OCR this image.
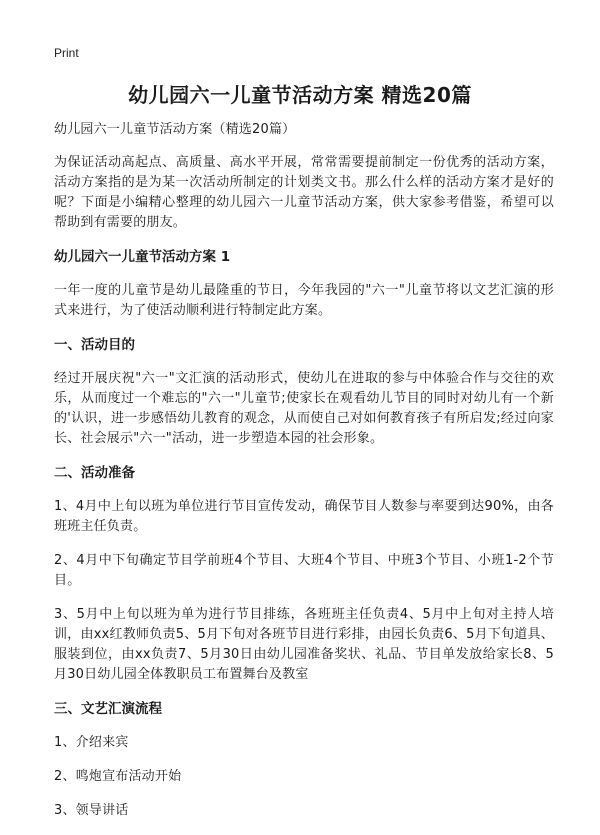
Print
幼儿园六一儿童节活动方案 精选20篇

幼儿园六一儿童节活动方案（精选20篇）

为保证活动高起点、高质量、高水平开展，常常需要提前制定一份优秀的活动方案，活动方案指的是为某一次活动所制定的计划类文书。那么什么样的活动方案才是好的呢？下面是小编精心整理的幼儿园六一儿童节活动方案，供大家参考借鉴，希望可以帮助到有需要的朋友。

幼儿园六一儿童节活动方案 1

一年一度的儿童节是幼儿最隆重的节日，今年我园的"六一"儿童节将以文艺汇演的形式来进行，为了使活动顺利进行特制定此方案。

一、活动目的

经过开展庆祝"六一"文汇演的活动形式，使幼儿在进取的参与中体验合作与交往的欢乐，从而度过一个难忘的"六一"儿童节;使家长在观看幼儿节目的同时对幼儿有一个新的'认识，进一步感悟幼儿教育的观念，从而使自己对如何教育孩子有所启发;经过向家长、社会展示"六一"活动，进一步塑造本园的社会形象。

二、活动准备

1、4月中上旬以班为单位进行节目宣传发动，确保节目人数参与率要到达90%，由各班班主任负责。

2、4月中下旬确定节目学前班4个节目、大班4个节目、中班3个节目、小班1-2个节目。

3、5月中上旬以班为单为进行节目排练，各班班主任负责4、5月中上旬对主持人培训，由xx红教师负责5、5月下旬对各班节目进行彩排，由园长负责6、5月下旬道具、服装到位，由xx负责7、5月30日由幼儿园准备奖状、礼品、节目单发放给家长8、5月30日幼儿园全体教职员工布置舞台及教室

三、文艺汇演流程

1、介绍来宾

2、鸣炮宣布活动开始

3、领导讲话
